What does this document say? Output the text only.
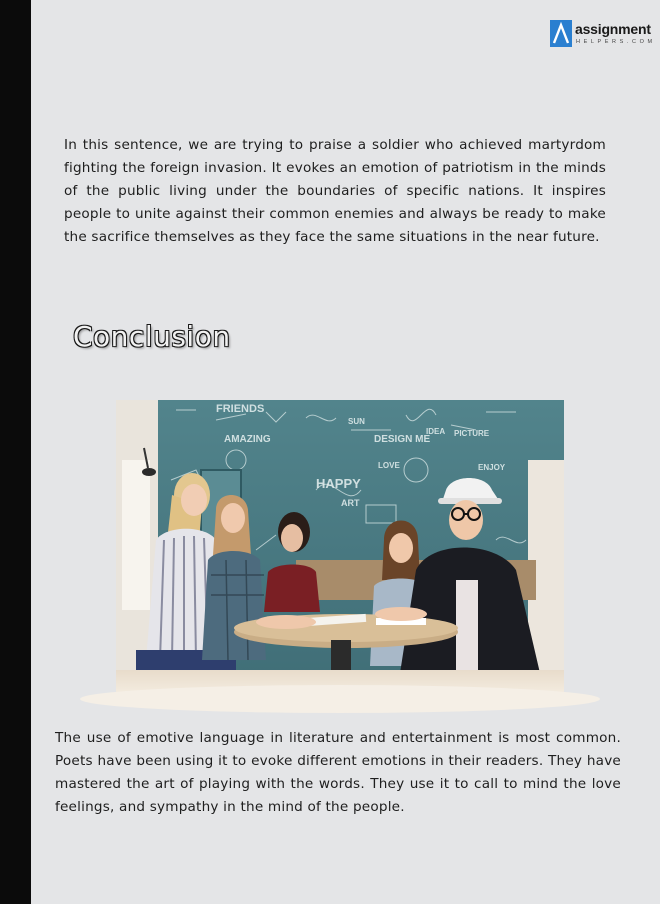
assignment
HELPERS.COM
In this sentence, we are trying to praise a soldier who achieved martyrdom fighting the foreign invasion. It evokes an emotion of patriotism in the minds of the public living under the boundaries of specific nations. It inspires people to unite against their common enemies and always be ready to make the sacrifice themselves as they face the same situations in the near future.
Conclusion
FRIENDS
AMAZING	DESIGN ME
HAPPY
ART
IDEA PICTURE
LOVE
SUN
ENJOY
The use of emotive language in literature and entertainment is most common. Poets have been using it to evoke different emotions in their readers. They have mastered the art of playing with the words. They use it to call to mind the love feelings, and sympathy in the mind of the people.
